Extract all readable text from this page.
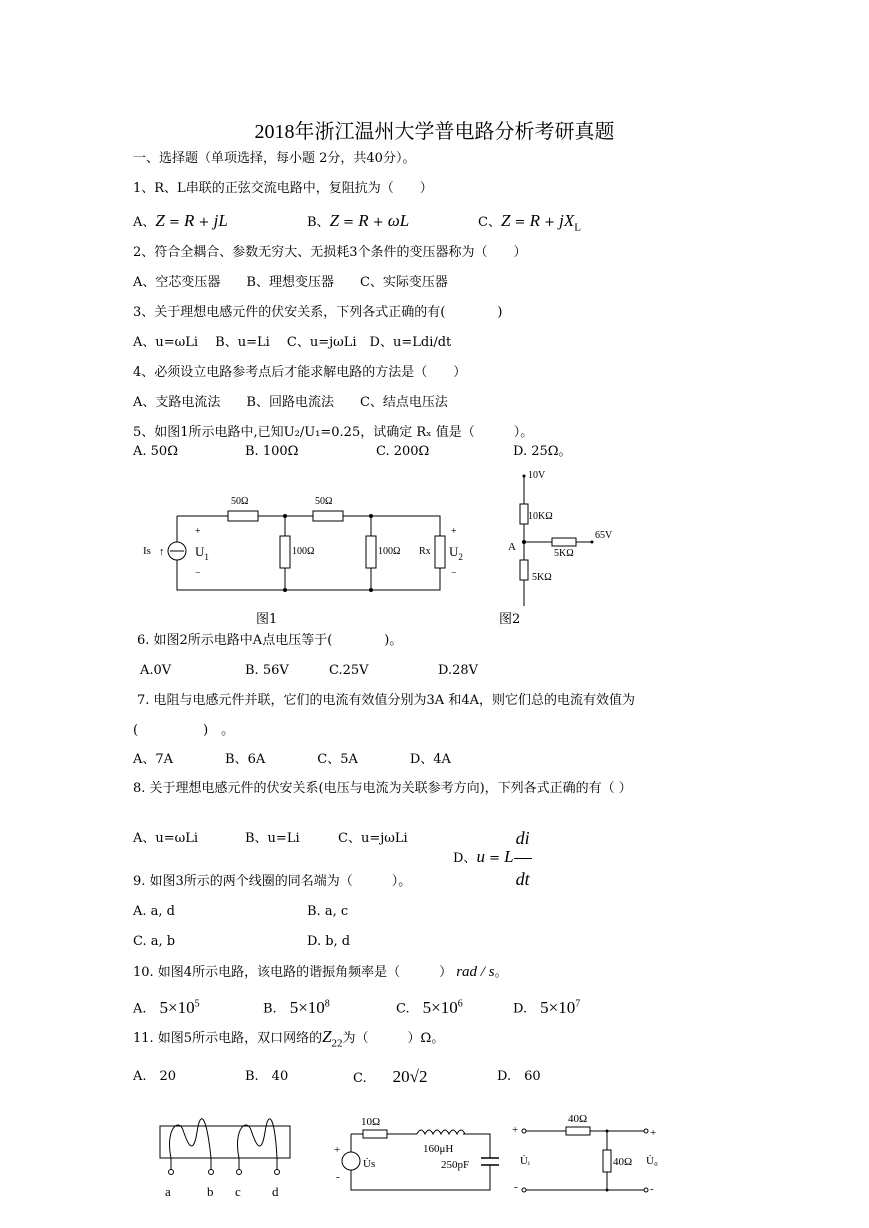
2018年浙江温州大学普电路分析考研真题
一、选择题（单项选择，每小题 2分，共40分）。
1、R、L串联的正弦交流电路中，复阻抗为（　　）
A、Z = R + jL	B、Z = R + ωL	C、$Z = R + jX_L$
2、符合全耦合、参数无穷大、无损耗3个条件的变压器称为（　　）
A、空芯变压器　　B、理想变压器　　C、实际变压器
3、关于理想电感元件的伏安关系，下列各式正确的有(　　　　)
A、u=ωLi　 B、u=Li　 C、u=jωLi　D、u=Ldi/dt
4、必须设立电路参考点后才能求解电路的方法是（　　）
A、支路电流法　　B、回路电流法　　C、结点电压法
5、如图1所示电路中,已知U₂/U₁=0.25，试确定 Rₓ 值是（　　　）。
A. 50Ω	B. 100Ω	C. 200Ω	D. 25Ω。
50Ω	50Ω
100Ω	100Ω Rx
Is ↑
+
−
$U_1$
+
−
$U_2$
图1
10V
10KΩ
A
5KΩ
65V
5KΩ
图2
6. 如图2所示电路中A点电压等于(　　　　)。
A.0V	B. 56V	C.25V	D.28V
7. 电阻与电感元件并联，它们的电流有效值分别为3A 和4A，则它们总的电流有效值为
(　　　　　)　。
A、7A　　　　B、6A　　　　C、5A　　　　D、4A
8. 关于理想电感元件的伏安关系(电压与电流为关联参考方向)，下列各式正确的有（ ）
A、u=ωLi	B、u=Li	C、u=jωLi
D、u = L $\frac{di}{dt}$
9. 如图3所示的两个线圈的同名端为（　　　）。
A. a, d	B. a, c
C. a, b	D. b, d
10. 如图4所示电路，该电路的谐振角频率是（　　　） rad / s。
A.　 $5\times 10^5$	B.　 $5\times 10^8$	C.　 $5\times 10^6$	D.　 $5\times 10^7$
11. 如图5所示电路，双口网络的$Z_{22}$为（　　　）Ω。
A.　20	B.　40	C.　　 20√2	D.　60
a	b c d
10Ω
160μH
250pF
U̇s
+
-
+
-
+
-
40Ω
40Ω
U̇ᵢ	U̇₀
